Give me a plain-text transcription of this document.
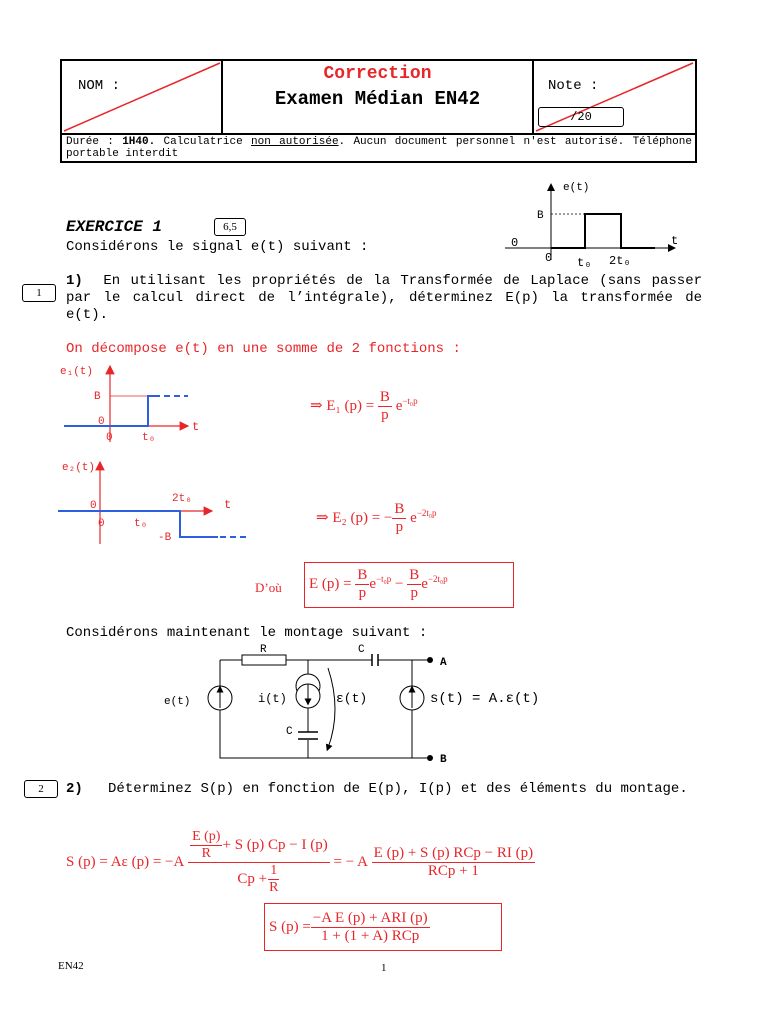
NOM :
Correction
Examen Médian EN42
Note :
/20
Durée : 1H40. Calculatrice non autorisée. Aucun document personnel n'est autorisé. Téléphone portable interdit
EXERCICE 1	6,5
Considérons le signal e(t) suivant :
e(t)
B
0
0 t₀ 2t₀
t
1
1) En utilisant les propriétés de la Transformée de Laplace (sans passer par le calcul direct de l’intégrale), déterminez E(p) la transformée de e(t).
On décompose e(t) en une somme de 2 fonctions :
e₁(t)
B
0
0	t₀
t
⇒ E₁ $(p) = \frac{B}{p} e^{-t_0p}$
e₂(t)
0
0	t₀
2t₀
-B
t
⇒ E₂ (p) = − $\frac{B}{p} e^{-2t_0p}$
D’où	E $(p) = \frac{B}{p} e^{-t_0p} - \frac{B}{p} e^{-2t_0p}$
Considérons maintenant le montage suivant :
R	C
C
A
B
e(t)	i(t)	ε(t)	s(t) = A.ε(t)
2	2) Déterminez S(p) en fonction de E(p), I(p) et des éléments du montage.
S (p) = Aε (p) = −A
$\frac{\frac{E (p)}{R} + S (p) Cp - I (p)}{Cp + \frac{1}{R}}$
= − A
$\frac{\text{E (p) + S (p) RCp − RI (p)}}{\text{RCp + 1}}$
S $(p) = \frac{\text{−A E (p) + ARI (p)}}{\text{1 + (1 + A) RCp}}$
EN42	1
